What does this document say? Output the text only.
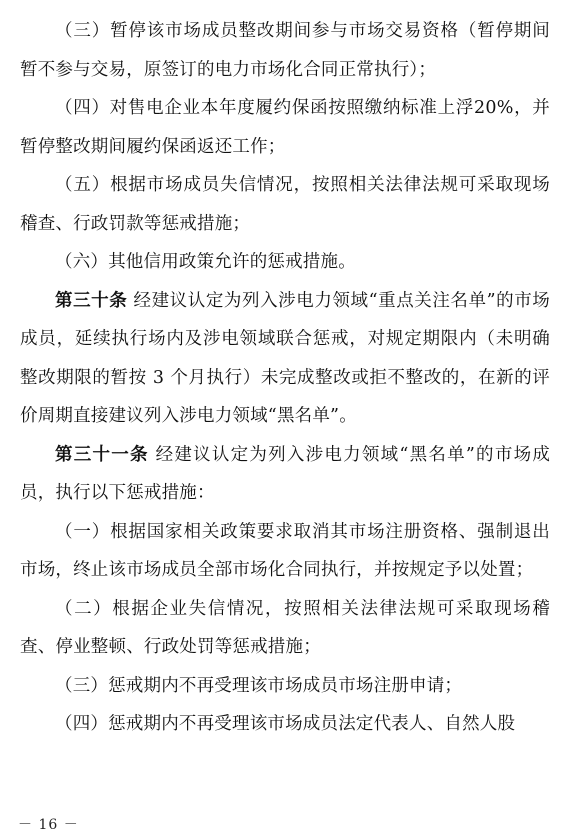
（三）暂停该市场成员整改期间参与市场交易资格（暂停期间暂不参与交易，原签订的电力市场化合同正常执行）；

（四）对售电企业本年度履约保函按照缴纳标准上浮20%，并暂停整改期间履约保函返还工作；

（五）根据市场成员失信情况，按照相关法律法规可采取现场稽查、行政罚款等惩戒措施；

（六）其他信用政策允许的惩戒措施。

第三十条 经建议认定为列入涉电力领域“重点关注名单”的市场成员，延续执行场内及涉电领域联合惩戒，对规定期限内（未明确整改期限的暂按 3 个月执行）未完成整改或拒不整改的，在新的评价周期直接建议列入涉电力领域“黑名单”。

第三十一条 经建议认定为列入涉电力领域“黑名单”的市场成员，执行以下惩戒措施：

（一）根据国家相关政策要求取消其市场注册资格、强制退出市场，终止该市场成员全部市场化合同执行，并按规定予以处置；

（二）根据企业失信情况，按照相关法律法规可采取现场稽查、停业整顿、行政处罚等惩戒措施；

（三）惩戒期内不再受理该市场成员市场注册申请；

（四）惩戒期内不再受理该市场成员法定代表人、自然人股

－ 16 －
